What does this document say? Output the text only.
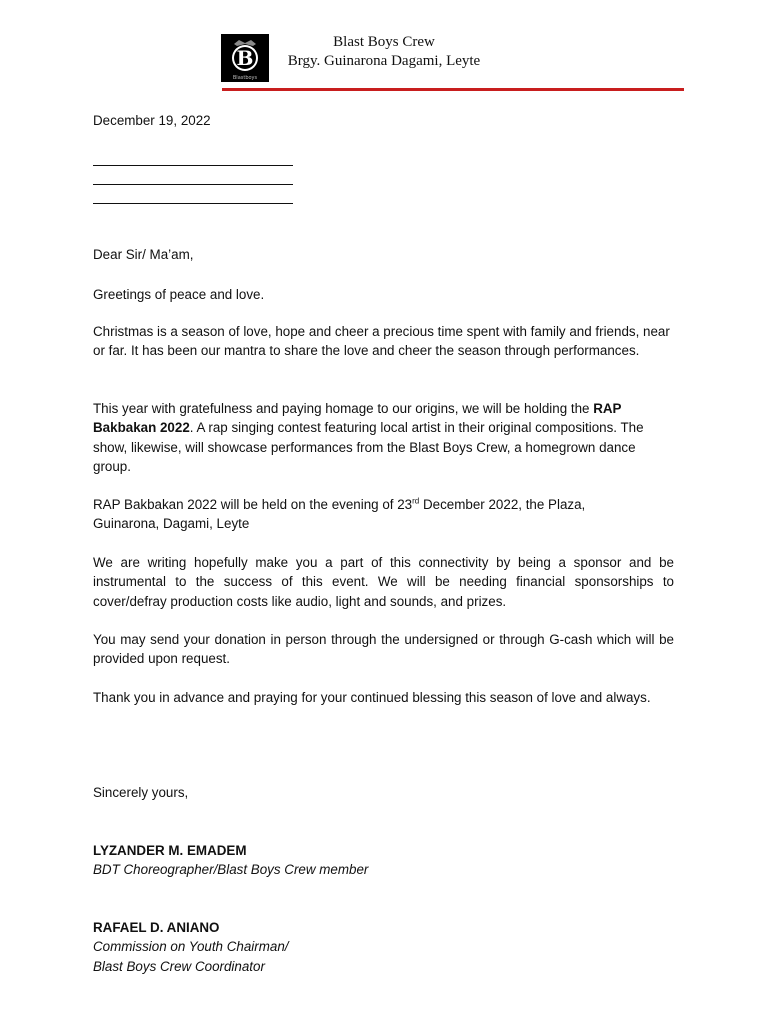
B
Blastboys
Blast Boys Crew
Brgy. Guinarona Dagami, Leyte
December 19, 2022
Dear Sir/ Ma’am,
Greetings of peace and love.
Christmas is a season of love, hope and cheer a precious time spent with family and friends, near or far. It has been our mantra to share the love and cheer the season through performances.
This year with gratefulness and paying homage to our origins, we will be holding the RAP Bakbakan 2022. A rap singing contest featuring local artist in their original compositions. The show, likewise, will showcase performances from the Blast Boys Crew, a homegrown dance group.
RAP Bakbakan 2022 will be held on the evening of 23rd December 2022, the Plaza,
Guinarona, Dagami, Leyte
We are writing hopefully make you a part of this connectivity by being a sponsor and be instrumental to the success of this event. We will be needing financial sponsorships to cover/defray production costs like audio, light and sounds, and prizes.
You may send your donation in person through the undersigned or through G-cash which will be provided upon request.
Thank you in advance and praying for your continued blessing this season of love and always.
Sincerely yours,
LYZANDER M. EMADEM
BDT Choreographer/Blast Boys Crew member
RAFAEL D. ANIANO
Commission on Youth Chairman/
Blast Boys Crew Coordinator
